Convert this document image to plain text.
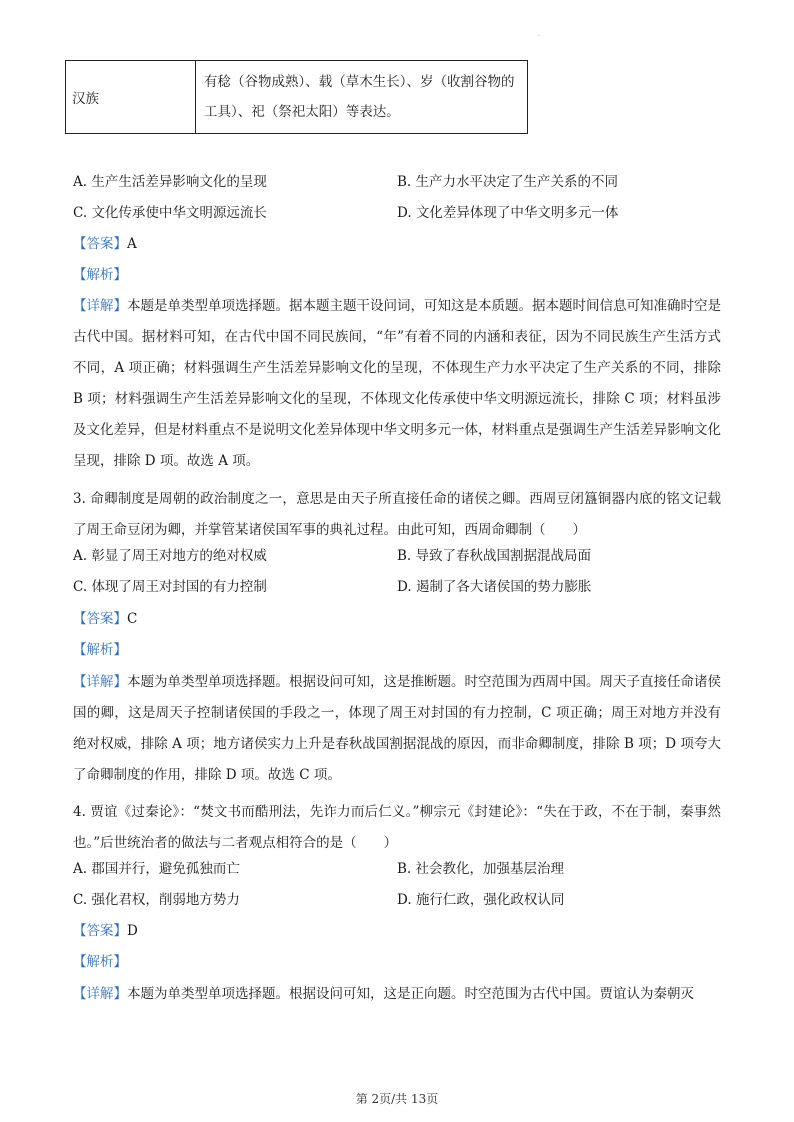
.
汉族	有稔（谷物成熟）、载（草木生长）、岁（收割谷物的工具）、祀（祭祀太阳）等表达。
A. 生产生活差异影响文化的呈现	B. 生产力水平决定了生产关系的不同
C. 文化传承使中华文明源远流长	D. 文化差异体现了中华文明多元一体
【答案】A
【解析】
【详解】本题是单类型单项选择题。据本题主题干设问词，可知这是本质题。据本题时间信息可知准确时空是古代中国。据材料可知，在古代中国不同民族间，“年”有着不同的内涵和表征，因为不同民族生产生活方式不同，A 项正确；材料强调生产生活差异影响文化的呈现，不体现生产力水平决定了生产关系的不同，排除 B 项；材料强调生产生活差异影响文化的呈现，不体现文化传承使中华文明源远流长，排除 C 项；材料虽涉及文化差异，但是材料重点不是说明文化差异体现中华文明多元一体，材料重点是强调生产生活差异影响文化呈现，排除 D 项。故选 A 项。
3. 命卿制度是周朝的政治制度之一，意思是由天子所直接任命的诸侯之卿。西周豆闭簋铜器内底的铭文记载了周王命豆闭为卿，并掌管某诸侯国军事的典礼过程。由此可知，西周命卿制（　　）
A. 彰显了周王对地方的绝对权威	B. 导致了春秋战国割据混战局面
C. 体现了周王对封国的有力控制	D. 遏制了各大诸侯国的势力膨胀
【答案】C
【解析】
【详解】本题为单类型单项选择题。根据设问可知，这是推断题。时空范围为西周中国。周天子直接任命诸侯国的卿，这是周天子控制诸侯国的手段之一，体现了周王对封国的有力控制，C 项正确；周王对地方并没有绝对权威，排除 A 项；地方诸侯实力上升是春秋战国割据混战的原因，而非命卿制度，排除 B 项；D 项夸大了命卿制度的作用，排除 D 项。故选 C 项。
4. 贾谊《过秦论》：“焚文书而酷刑法，先诈力而后仁义。”柳宗元《封建论》：“失在于政，不在于制，秦事然也。”后世统治者的做法与二者观点相符合的是（　　）
A. 郡国并行，避免孤独而亡	B. 社会教化，加强基层治理
C. 强化君权，削弱地方势力	D. 施行仁政，强化政权认同
【答案】D
【解析】
【详解】本题为单类型单项选择题。根据设问可知，这是正向题。时空范围为古代中国。贾谊认为秦朝灭
第 2页/共 13页
